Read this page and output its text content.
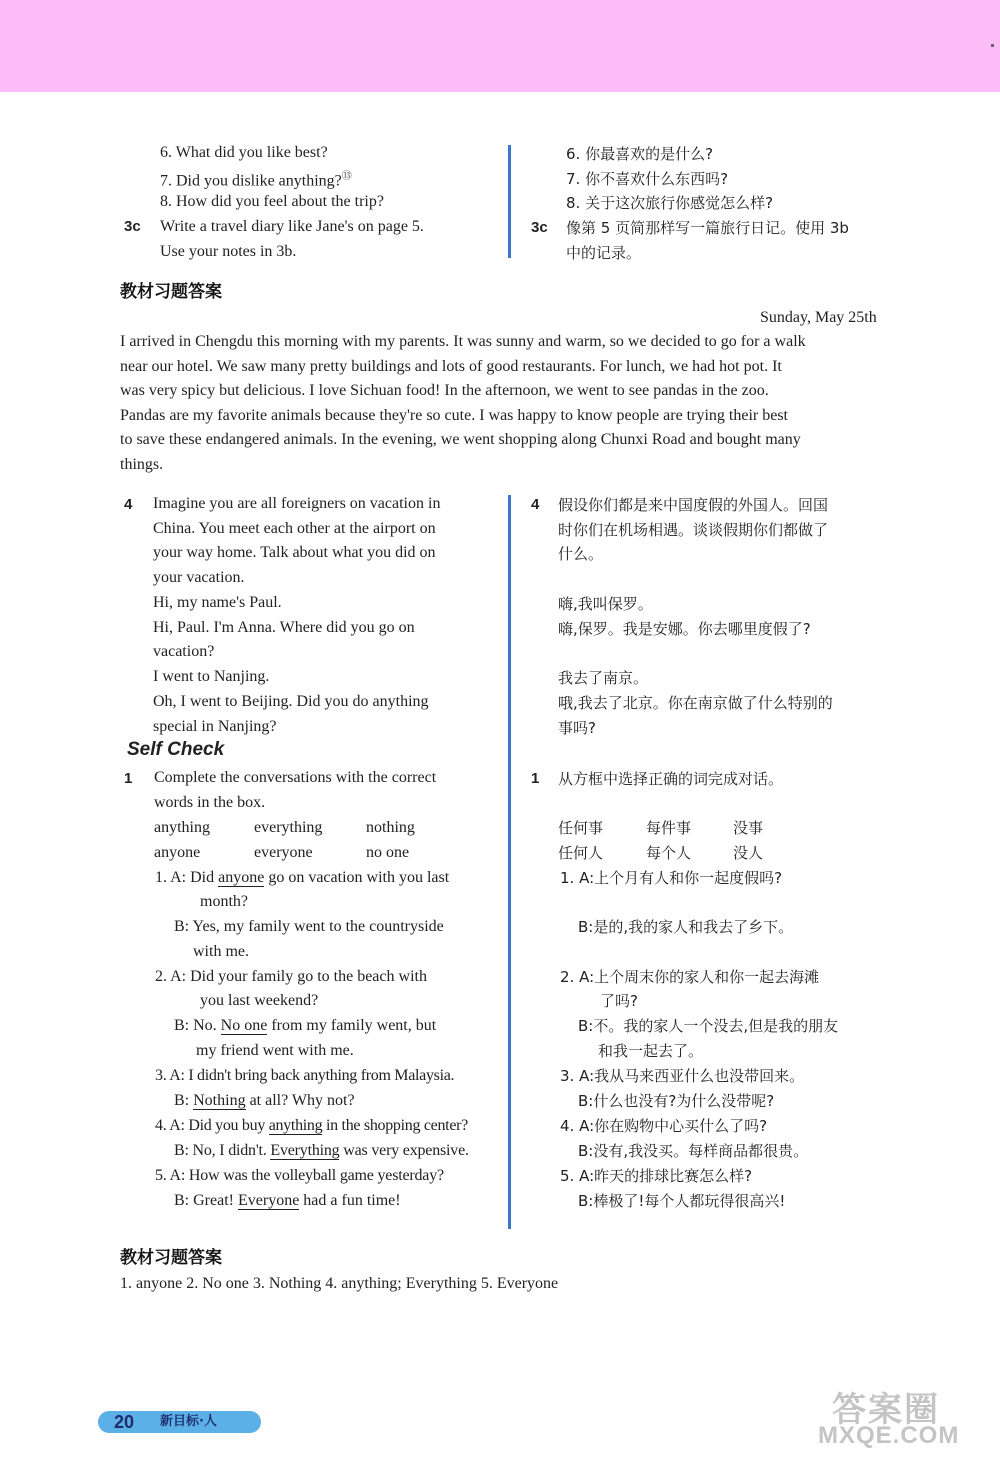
6. What did you like best?
7. Did you dislike anything?⑬
8. How did you feel about the trip?
3c Write a travel diary like Jane's on page 5.
Use your notes in 3b.
6. 你最喜欢的是什么?
7. 你不喜欢什么东西吗?
8. 关于这次旅行你感觉怎么样?
3c 像第 5 页简那样写一篇旅行日记。使用 3b
中的记录。
教材习题答案
Sunday, May 25th
I arrived in Chengdu this morning with my parents. It was sunny and warm, so we decided to go for a walk
near our hotel. We saw many pretty buildings and lots of good restaurants. For lunch, we had hot pot. It
was very spicy but delicious. I love Sichuan food! In the afternoon, we went to see pandas in the zoo.
Pandas are my favorite animals because they're so cute. I was happy to know people are trying their best
to save these endangered animals. In the evening, we went shopping along Chunxi Road and bought many
things.
4 Imagine you are all foreigners on vacation in
China. You meet each other at the airport on
your way home. Talk about what you did on
your vacation.
Hi, my name's Paul.
Hi, Paul. I'm Anna. Where did you go on
vacation?
I went to Nanjing.
Oh, I went to Beijing. Did you do anything
special in Nanjing?
4 假设你们都是来中国度假的外国人。回国
时你们在机场相遇。谈谈假期你们都做了
什么。
嗨,我叫保罗。
嗨,保罗。我是安娜。你去哪里度假了?
我去了南京。
哦,我去了北京。你在南京做了什么特别的
事吗?
Self Check
1 Complete the conversations with the correct
words in the box.
anything	everything	nothing
anyone	everyone	no one
1. A: Did anyone go on vacation with you last
month?
B: Yes, my family went to the countryside
with me.
2. A: Did your family go to the beach with
you last weekend?
B: No. No one from my family went, but
my friend went with me.
3. A: I didn't bring back anything from Malaysia.
B: Nothing at all? Why not?
4. A: Did you buy anything in the shopping center?
B: No, I didn't. Everything was very expensive.
5. A: How was the volleyball game yesterday?
B: Great! Everyone had a fun time!
1 从方框中选择正确的词完成对话。
任何事	每件事	没事
任何人	每个人	没人
1. A:上个月有人和你一起度假吗?
B:是的,我的家人和我去了乡下。
2. A:上个周末你的家人和你一起去海滩
了吗?
B:不。我的家人一个没去,但是我的朋友
和我一起去了。
3. A:我从马来西亚什么也没带回来。
B:什么也没有?为什么没带呢?
4. A:你在购物中心买什么了吗?
B:没有,我没买。每样商品都很贵。
5. A:昨天的排球比赛怎么样?
B:棒极了!每个人都玩得很高兴!
教材习题答案
1. anyone 2. No one 3. Nothing 4. anything; Everything 5. Everyone
20 新目标·人	答案圈
MXQE.COM
